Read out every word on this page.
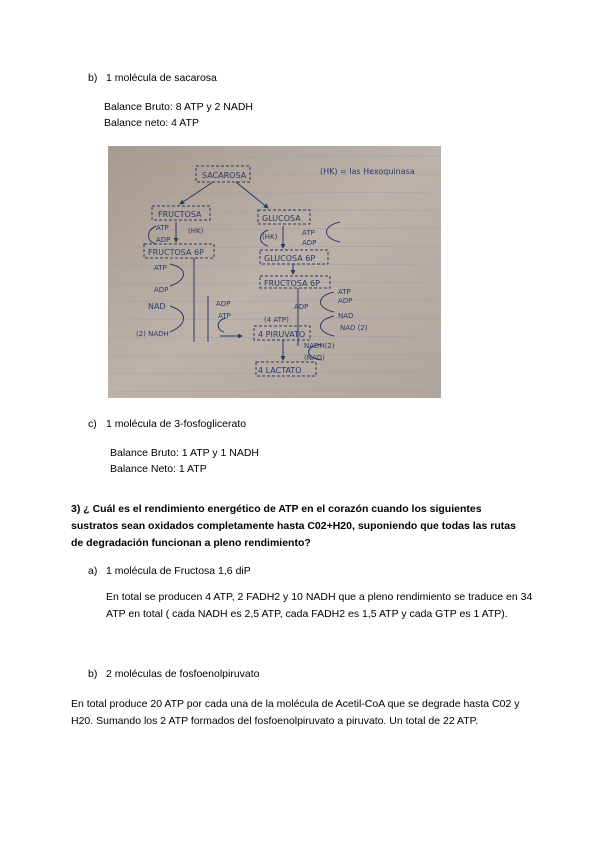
b) 1 molécula de sacarosa
Balance Bruto: 8 ATP y 2 NADH
Balance neto: 4 ATP
SACAROSA	(HK) = las Hexoquinasa
FRUCTOSA	GLUCOSA
(HK)
(HK)
ATP
ADP
ATP
ADP
FRUCTOSA 6P
GLUCOSA 6P
FRUCTOSA 6P
ATP
ADP
NAD
(2) NADH
ADP
ATP
ADP
(4 ATP)
4 PIRUVATO
ATP
ADP
NAD
NAD (2)
NADH(2)
(NAD)
4 LACTATO
c) 1 molécula de 3-fosfoglicerato
Balance Bruto: 1 ATP y 1 NADH
Balance Neto: 1 ATP
3) ¿ Cuál es el rendimiento energético de ATP en el corazón cuando los siguientes sustratos sean oxidados completamente hasta C02+H20, suponiendo que todas las rutas de degradación funcionan a pleno rendimiento?
a) 1 molécula de Fructosa 1,6 diP
En total se producen 4 ATP, 2 FADH2 y 10 NADH que a pleno rendimiento se traduce en 34 ATP en total ( cada NADH es 2,5 ATP, cada FADH2 es 1,5 ATP y cada GTP es 1 ATP).
b) 2 moléculas de fosfoenolpiruvato
En total produce 20 ATP por cada una de la molécula de Acetil-CoA que se degrade hasta C02 y H20. Sumando los 2 ATP formados del fosfoenolpiruvato a piruvato. Un total de 22 ATP.
